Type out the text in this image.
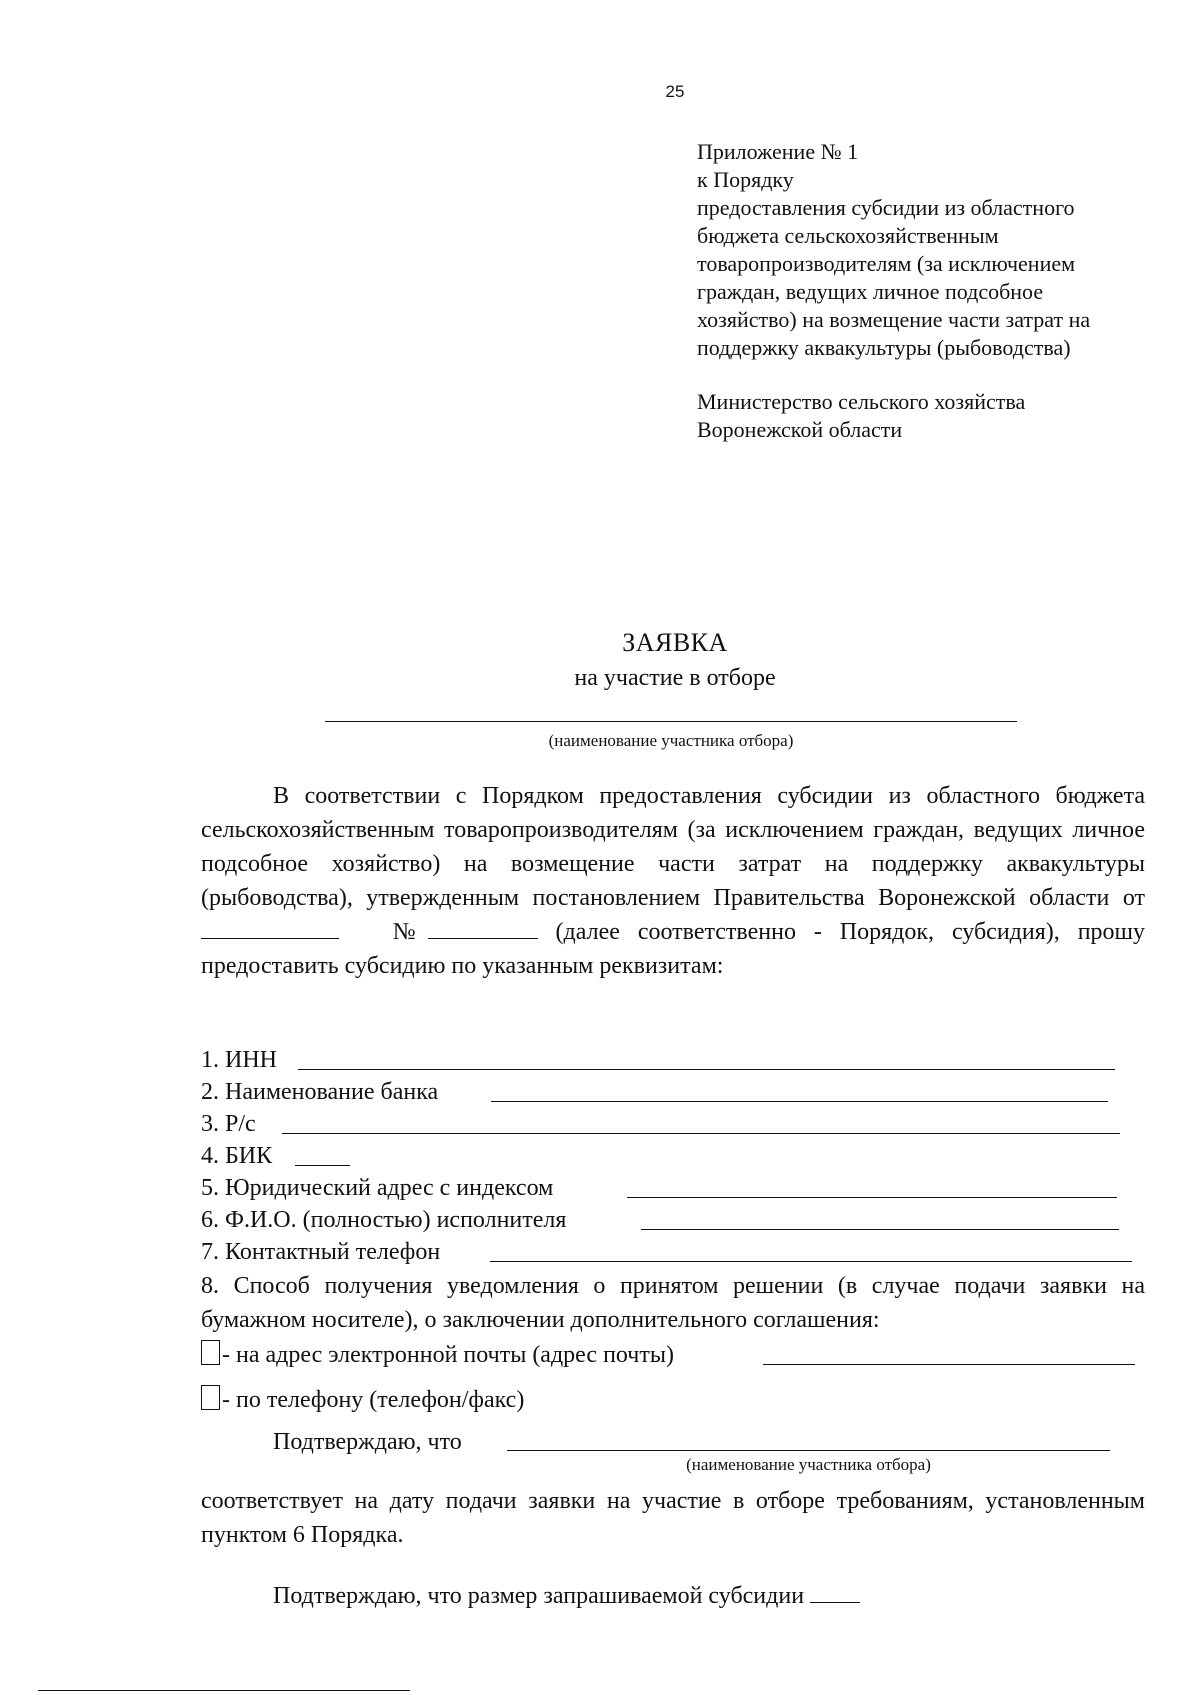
25
Приложение № 1
к Порядку
предоставления субсидии из областного
бюджета сельскохозяйственным
товаропроизводителям (за исключением
граждан, ведущих личное подсобное
хозяйство) на возмещение части затрат на
поддержку аквакультуры (рыбоводства)
Министерство сельского хозяйства
Воронежской области
ЗАЯВКА
на участие в отборе
(наименование участника отбора)
В соответствии с Порядком предоставления субсидии из областного бюджета сельскохозяйственным товаропроизводителям (за исключением граждан, ведущих личное подсобное хозяйство) на возмещение части затрат на поддержку аквакультуры (рыбоводства), утвержденным постановлением Правительства Воронежской области от    №	(далее соответственно - Порядок, субсидия), прошу предоставить субсидию по указанным реквизитам:
1. ИНН
2. Наименование банка
3. Р/с
4. БИК
5. Юридический адрес с индексом
6. Ф.И.О. (полностью) исполнителя
7. Контактный телефон
8. Способ получения уведомления о принятом решении (в случае подачи заявки на бумажном носителе), о заключении дополнительного соглашения:
- на адрес электронной почты (адрес почты)
- по телефону (телефон/факс)
Подтверждаю, что
(наименование участника отбора)
соответствует на дату подачи заявки на участие в отборе требованиям, установленным пунктом 6 Порядка.
Подтверждаю, что размер запрашиваемой субсидии
